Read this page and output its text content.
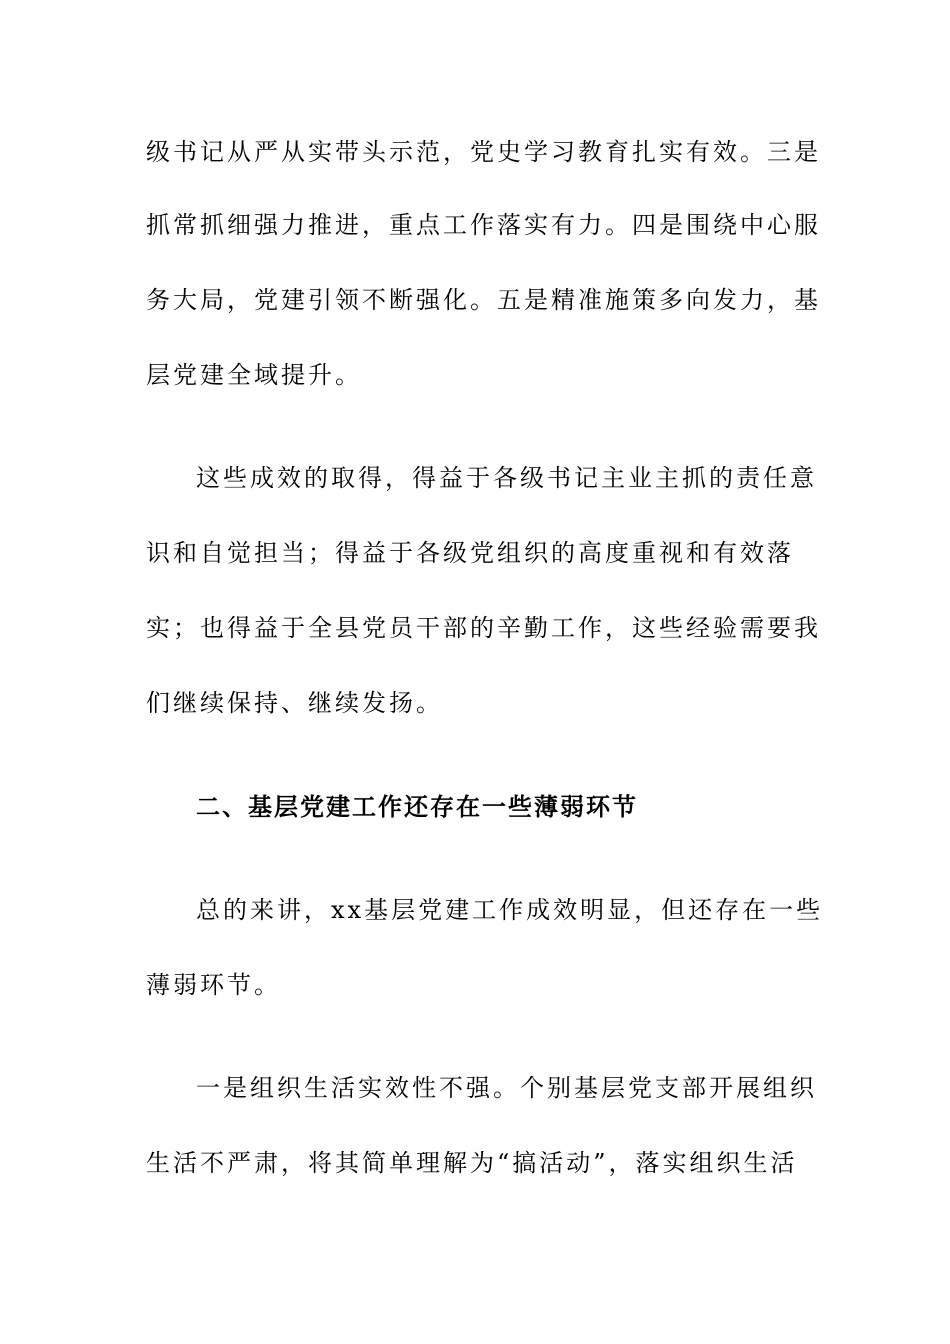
级书记从严从实带头示范，党史学习教育扎实有效。三是
抓常抓细强力推进，重点工作落实有力。四是围绕中心服
务大局，党建引领不断强化。五是精准施策多向发力，基
层党建全域提升。
这些成效的取得，得益于各级书记主业主抓的责任意
识和自觉担当；得益于各级党组织的高度重视和有效落
实；也得益于全县党员干部的辛勤工作，这些经验需要我
们继续保持、继续发扬。
二、基层党建工作还存在一些薄弱环节
总的来讲，xx基层党建工作成效明显，但还存在一些
薄弱环节。
一是组织生活实效性不强。个别基层党支部开展组织
生活不严肃，将其简单理解为“搞活动”，落实组织生活
